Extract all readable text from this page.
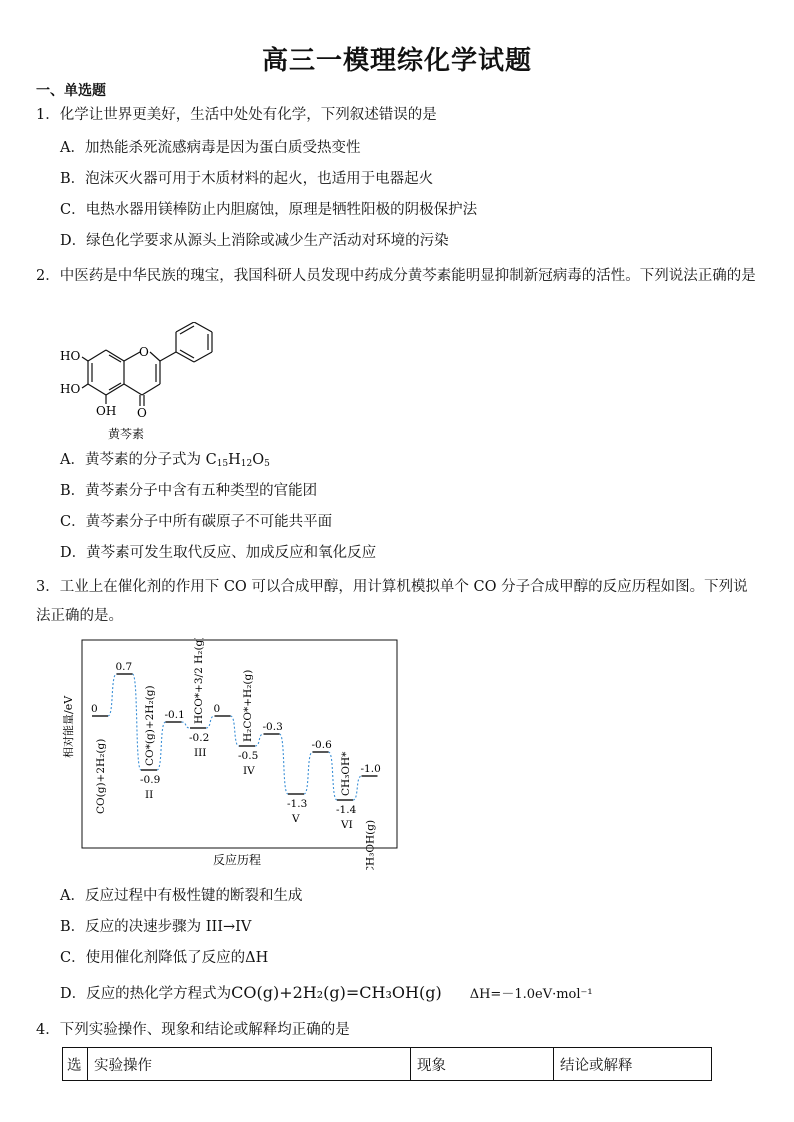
高三一模理综化学试题
一、单选题
1．化学让世界更美好，生活中处处有化学，下列叙述错误的是
A．加热能杀死流感病毒是因为蛋白质受热变性
B．泡沫灭火器可用于木质材料的起火，也适用于电器起火
C．电热水器用镁棒防止内胆腐蚀，原理是牺牲阳极的阴极保护法
D．绿色化学要求从源头上消除或减少生产活动对环境的污染
2．中医药是中华民族的瑰宝，我国科研人员发现中药成分黄芩素能明显抑制新冠病毒的活性。下列说法正确的是
HO
HO
OH
O
O
黄芩素
A．黄芩素的分子式为 $C_{15}H_{12}O_5$
B．黄芩素分子中含有五种类型的官能团
C．黄芩素分子中所有碳原子不可能共平面
D．黄芩素可发生取代反应、加成反应和氧化反应
3．工业上在催化剂的作用下 CO 可以合成甲醇，用计算机模拟单个 CO 分子合成甲醇的反应历程如图。下列说法正确的是。
相对能量/eV
反应历程
0
CO(g)+2H₂(g)
0.7
-0.9
CO*(g)+2H₂(g)
II
-0.1
-0.2
HCO*+3/2 H₂(g)
III
0
-0.5
H₂CO*+H₂(g)
IV
-0.3
-1.3
V
-0.6
-1.4
CH₃OH*
VI
-1.0
CH₃OH(g)
A．反应过程中有极性键的断裂和生成
B．反应的决速步骤为 III→IV
C．使用催化剂降低了反应的ΔH
D．反应的热化学方程式为CO(g)+2H₂(g)=CH₃OH(g) ΔH=－1.0eV·mol⁻¹
4．下列实验操作、现象和结论或解释均正确的是
选	实验操作	现象	结论或解释
